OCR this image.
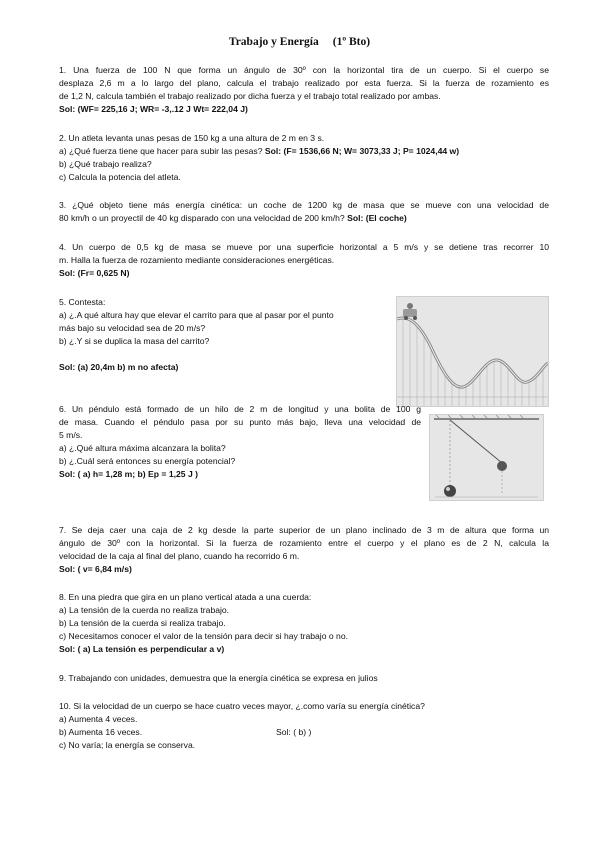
Trabajo y Energía (1º Bto)

1. Una fuerza de 100 N que forma un ángulo de 30º con la horizontal tira de un cuerpo. Si el cuerpo se

desplaza 2,6 m a lo largo del plano, calcula el trabajo realizado por esta fuerza. Si la fuerza de rozamiento es

de 1,2 N, calcula también el trabajo realizado por dicha fuerza y el trabajo total realizado por ambas.

Sol: (WF= 225,16 J; WR= -3,.12 J Wt= 222,04 J)

2. Un atleta levanta unas pesas de 150 kg a una altura de 2 m en 3 s.

a) ¿Qué fuerza tiene que hacer para subir las pesas? Sol: (F= 1536,66 N; W= 3073,33 J; P= 1024,44 w)

b) ¿Qué trabajo realiza?

c) Calcula la potencia del atleta.

3. ¿Qué objeto tiene más energía cinética: un coche de 1200 kg de masa que se mueve con una velocidad de

80 km/h o un proyectil de 40 kg disparado con una velocidad de 200 km/h? Sol: (El coche)

4. Un cuerpo de 0,5 kg de masa se mueve por una superficie horizontal a 5 m/s y se detiene tras recorrer 10

m. Halla la fuerza de rozamiento mediante consideraciones energéticas.

Sol: (Fr= 0,625 N)

5. Contesta:

a) ¿.A qué altura hay que elevar el carrito para que al pasar por el punto

más bajo su velocidad sea de 20 m/s?

b) ¿.Y si se duplica la masa del carrito?

Sol: (a) 20,4m b) m no afecta)

6. Un péndulo está formado de un hilo de 2 m de longitud y una bolita de 100 g

de masa. Cuando el péndulo pasa por su punto más bajo, lleva una velocidad de

5 m/s.

a) ¿.Qué altura máxima alcanzara la bolita?

b) ¿.Cuál será entonces su energía potencial?

Sol: ( a) h= 1,28 m; b) Ep = 1,25 J )

7. Se deja caer una caja de 2 kg desde la parte superior de un plano inclinado de 3 m de altura que forma un

ángulo de 30º con la horizontal. Si la fuerza de rozamiento entre el cuerpo y el plano es de 2 N, calcula la

velocidad de la caja al final del plano, cuando ha recorrido 6 m.

Sol: ( v= 6,84 m/s)

8. En una piedra que gira en un plano vertical atada a una cuerda:

a) La tensión de la cuerda no realiza trabajo.

b) La tensión de la cuerda si realiza trabajo.

c) Necesitamos conocer el valor de la tensión para decir si hay trabajo o no.

Sol: ( a) La tensión es perpendicular a v)

9. Trabajando con unidades, demuestra que la energía cinética se expresa en julios

10. Si la velocidad de un cuerpo se hace cuatro veces mayor, ¿.como varía su energía cinética?

a) Aumenta 4 veces.

b) Aumenta 16 veces.	Sol: ( b) )

c) No varía; la energía se conserva.
